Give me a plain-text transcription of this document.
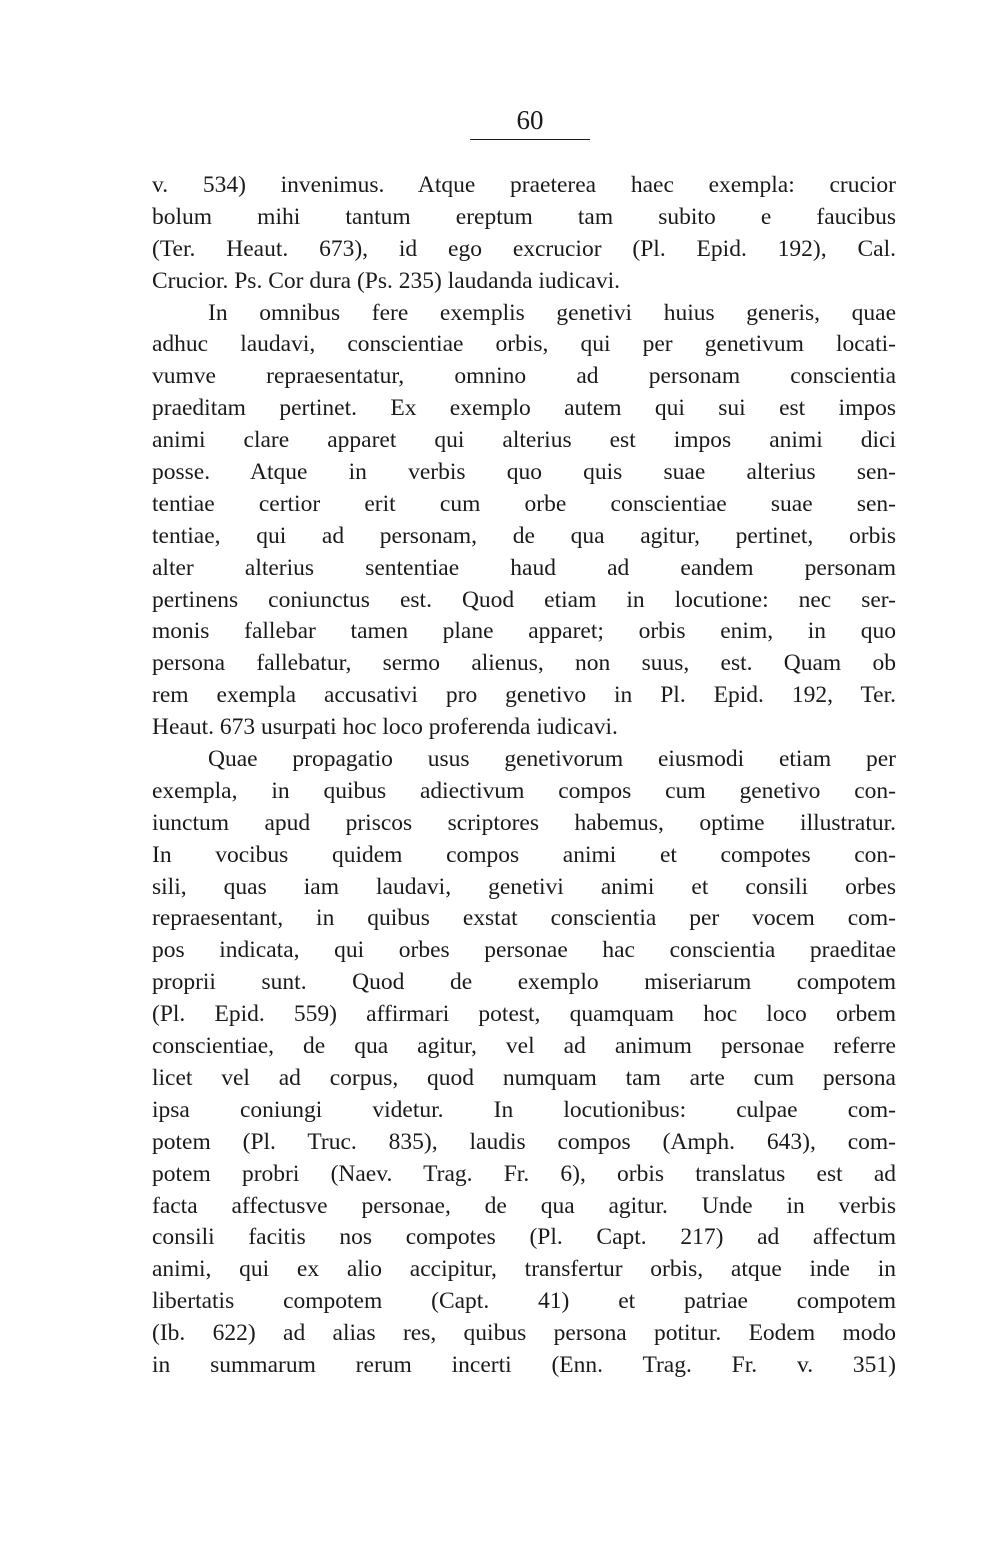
60
v. 534) invenimus. Atque praeterea haec exempla: crucior
bolum mihi tantum ereptum tam subito e faucibus
(Ter. Heaut. 673), id ego excrucior (Pl. Epid. 192), Cal.
Crucior. Ps. Cor dura (Ps. 235) laudanda iudicavi.
In omnibus fere exemplis genetivi huius generis, quae
adhuc laudavi, conscientiae orbis, qui per genetivum locati-
vumve repraesentatur, omnino ad personam conscientia
praeditam pertinet. Ex exemplo autem qui sui est impos
animi clare apparet qui alterius est impos animi dici
posse. Atque in verbis quo quis suae alterius sen-
tentiae certior erit cum orbe conscientiae suae sen-
tentiae, qui ad personam, de qua agitur, pertinet, orbis
alter alterius sententiae haud ad eandem personam
pertinens coniunctus est. Quod etiam in locutione: nec ser-
monis fallebar tamen plane apparet; orbis enim, in quo
persona fallebatur, sermo alienus, non suus, est. Quam ob
rem exempla accusativi pro genetivo in Pl. Epid. 192, Ter.
Heaut. 673 usurpati hoc loco proferenda iudicavi.
Quae propagatio usus genetivorum eiusmodi etiam per
exempla, in quibus adiectivum compos cum genetivo con-
iunctum apud priscos scriptores habemus, optime illustratur.
In vocibus quidem compos animi et compotes con-
sili, quas iam laudavi, genetivi animi et consili orbes
repraesentant, in quibus exstat conscientia per vocem com-
pos indicata, qui orbes personae hac conscientia praeditae
proprii sunt. Quod de exemplo miseriarum compotem
(Pl. Epid. 559) affirmari potest, quamquam hoc loco orbem
conscientiae, de qua agitur, vel ad animum personae referre
licet vel ad corpus, quod numquam tam arte cum persona
ipsa coniungi videtur. In locutionibus: culpae com-
potem (Pl. Truc. 835), laudis compos (Amph. 643), com-
potem probri (Naev. Trag. Fr. 6), orbis translatus est ad
facta affectusve personae, de qua agitur. Unde in verbis
consili facitis nos compotes (Pl. Capt. 217) ad affectum
animi, qui ex alio accipitur, transfertur orbis, atque inde in
libertatis compotem (Capt. 41) et patriae compotem
(Ib. 622) ad alias res, quibus persona potitur. Eodem modo
in summarum rerum incerti (Enn. Trag. Fr. v. 351)
